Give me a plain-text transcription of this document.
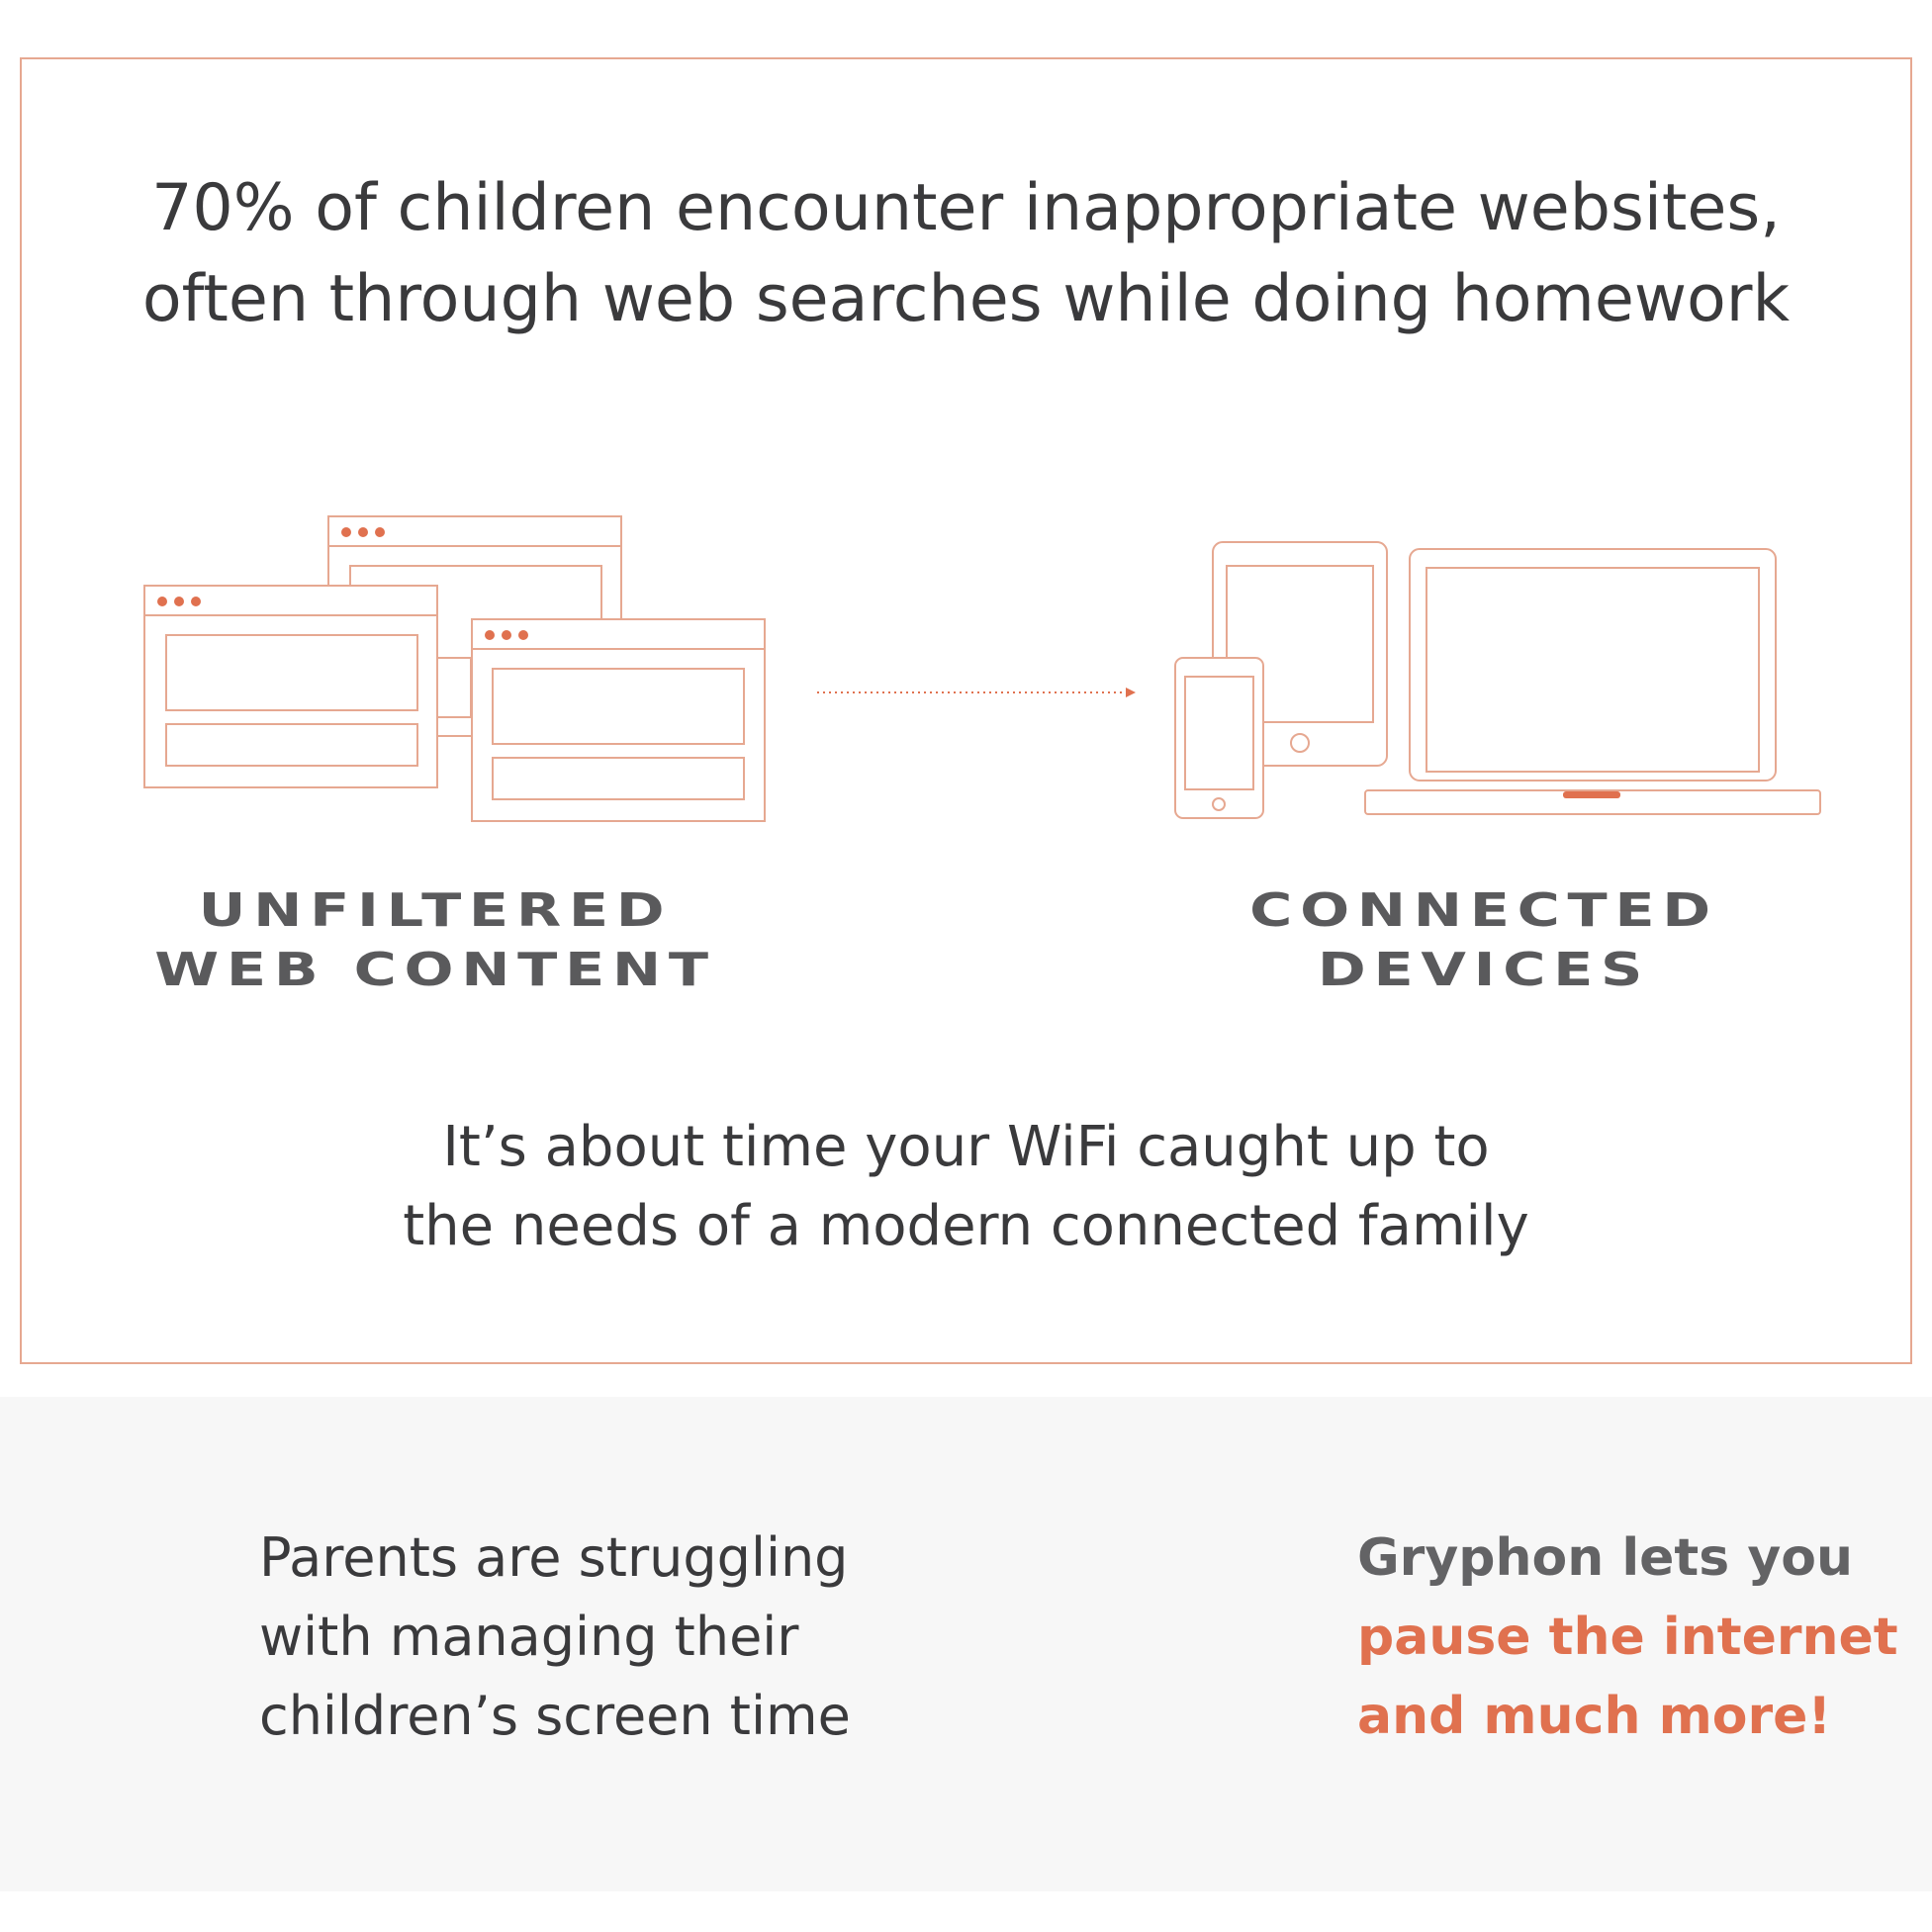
70% of children encounter inappropriate websites,
often through web searches while doing homework
UNFILTERED
WEB CONTENT
CONNECTED
DEVICES
It’s about time your WiFi caught up to
the needs of a modern connected family
Parents are struggling
with managing their
children’s screen time
Gryphon lets you
pause the internet
and much more!
